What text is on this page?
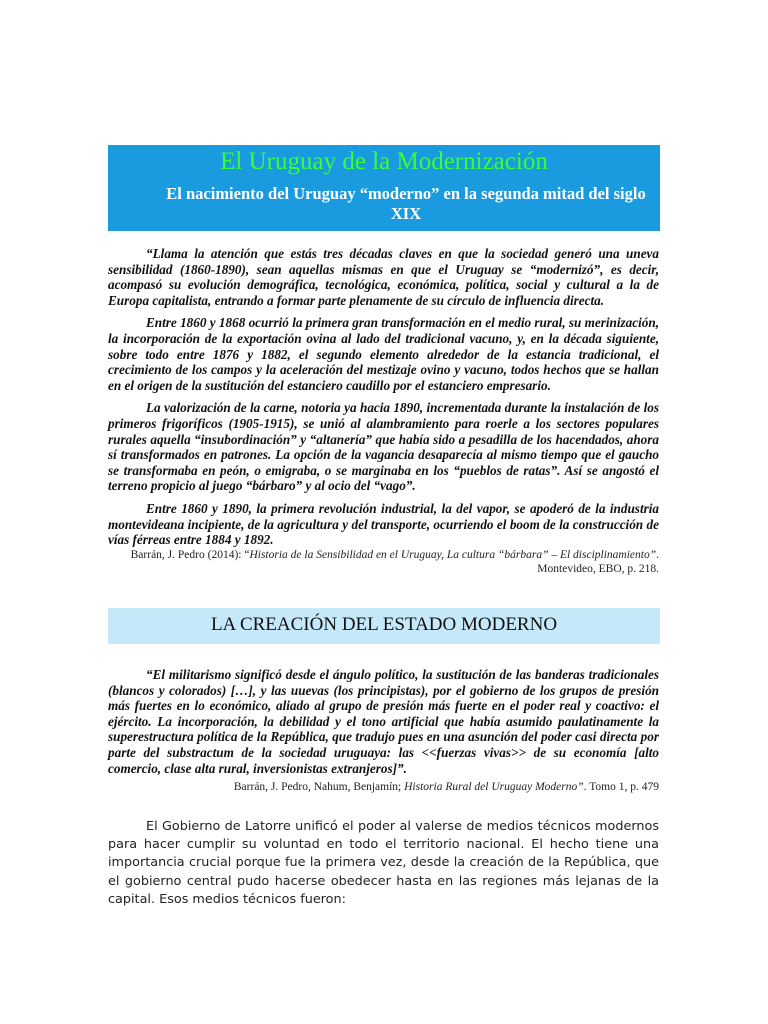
El Uruguay de la Modernización
El nacimiento del Uruguay “moderno” en la segunda mitad del siglo XIX

“Llama la atención que estás tres décadas claves en que la sociedad generó una uneva sensibilidad (1860-1890), sean aquellas mismas en que el Uruguay se “modernizó”, es decir, acompasó su evolución demográfica, tecnológica, económica, política, social y cultural a la de Europa capitalista, entrando a formar parte plenamente de su círculo de influencia directa.

Entre 1860 y 1868 ocurrió la primera gran transformación en el medio rural, su merinización, la incorporación de la exportación ovina al lado del tradicional vacuno, y, en la década siguiente, sobre todo entre 1876 y 1882, el segundo elemento alrededor de la estancia tradicional, el crecimiento de los campos y la aceleración del mestizaje ovino y vacuno, todos hechos que se hallan en el origen de la sustitución del estanciero caudillo por el estanciero empresario.

La valorización de la carne, notoria ya hacia 1890, incrementada durante la instalación de los primeros frigoríficos (1905-1915), se unió al alambramiento para roerle a los sectores populares rurales aquella “insubordinación” y “altanería” que había sido a pesadilla de los hacendados, ahora sí transformados en patrones. La opción de la vagancia desaparecía al mismo tiempo que el gaucho se transformaba en peón, o emigraba, o se marginaba en los “pueblos de ratas”. Así se angostó el terreno propicio al juego “bárbaro” y al ocio del “vago”.

Entre 1860 y 1890, la primera revolución industrial, la del vapor, se apoderó de la industria montevideana incipiente, de la agricultura y del transporte, ocurriendo el boom de la construcción de vías férreas entre 1884 y 1892.

Barrán, J. Pedro (2014): “Historia de la Sensibilidad en el Uruguay, La cultura “bárbara” – El disciplinamiento”. Montevideo, EBO, p. 218.
LA CREACIÓN DEL ESTADO MODERNO

“El militarismo significó desde el ángulo político, la sustitución de las banderas tradicionales (blancos y colorados) […], y las uuevas (los principistas), por el gobierno de los grupos de presión más fuertes en lo económico, aliado al grupo de presión más fuerte en el poder real y coactivo: el ejército. La incorporación, la debilidad y el tono artificial que había asumido paulatinamente la superestructura política de la República, que tradujo pues en una asunción del poder casi directa por parte del substractum de la sociedad uruguaya: las <<fuerzas vivas>> de su economía [alto comercio, clase alta rural, inversionistas extranjeros]”.

Barrán, J. Pedro, Nahum, Benjamín; Historia Rural del Uruguay Moderno”. Tomo 1, p. 479

El Gobierno de Latorre unificó el poder al valerse de medios técnicos modernos para hacer cumplir su voluntad en todo el territorio nacional. El hecho tiene una importancia crucial porque fue la primera vez, desde la creación de la República, que el gobierno central pudo hacerse obedecer hasta en las regiones más lejanas de la capital. Esos medios técnicos fueron:
